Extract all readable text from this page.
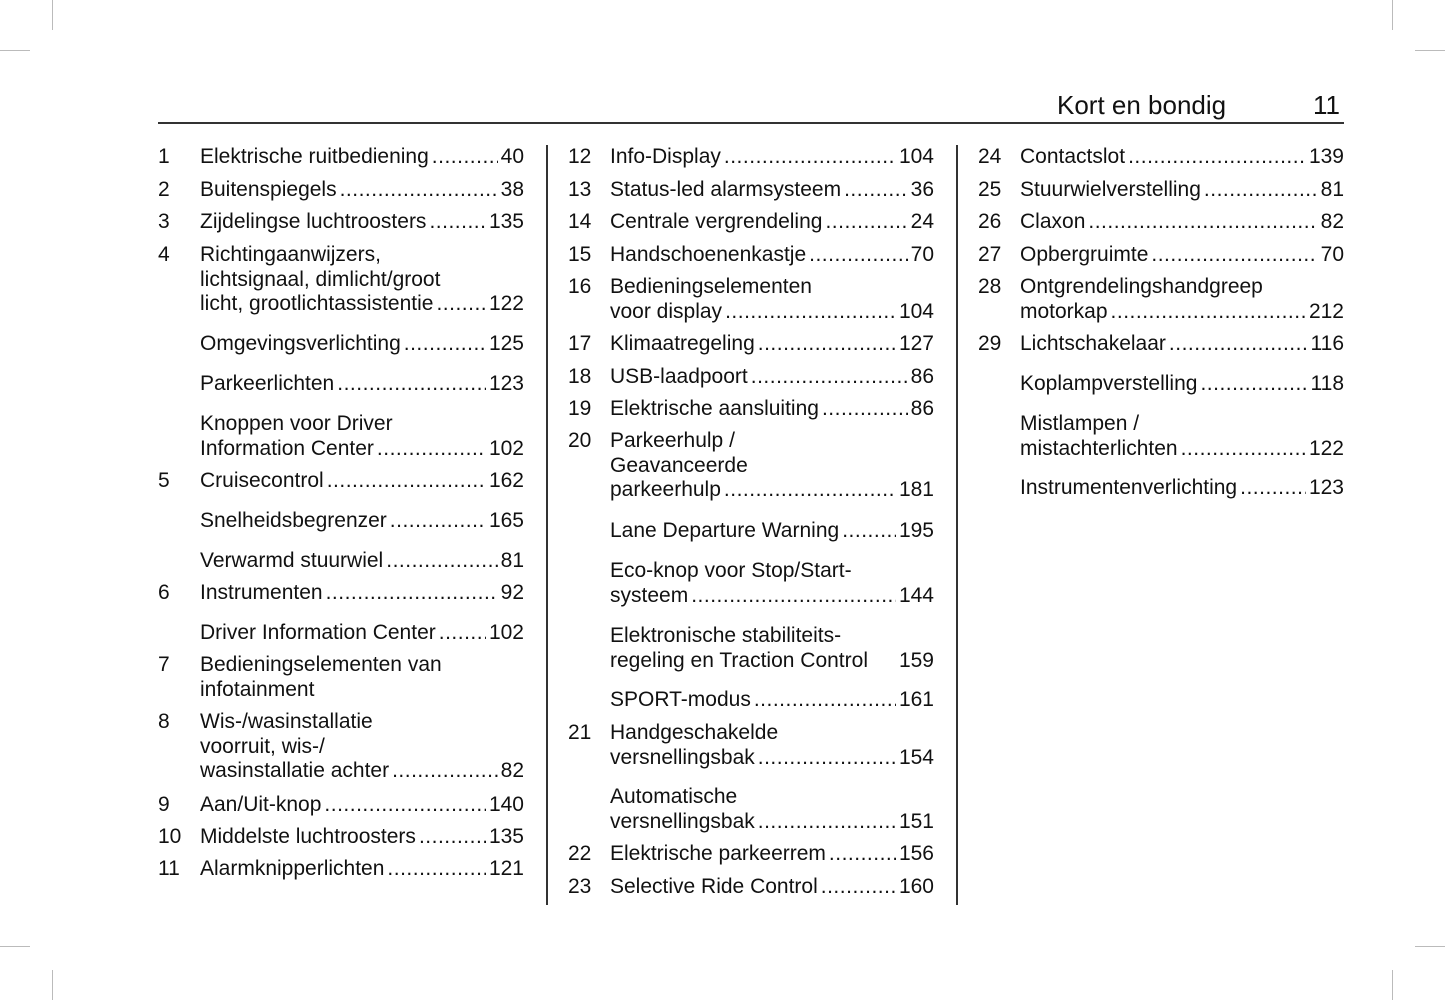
Kort en bondig	11
1 Elektrische ruitbediening .....	40
2 Buitenspiegels .....	38
3 Zijdelingse luchtroosters .....	135
4 Richtingaanwijzers,
lichtsignaal, dimlicht/groot
licht, grootlichtassistentie .....	122
Omgevingsverlichting .....	125
Parkeerlichten .....	123
Knoppen voor Driver
Information Center .....	102
5 Cruisecontrol .....	162
Snelheidsbegrenzer .....	165
Verwarmd stuurwiel .....	81
6 Instrumenten .....	92
Driver Information Center .....	102
7 Bedieningselementen van
infotainment
8 Wis-/wasinstallatie
voorruit, wis-/
wasinstallatie achter .....	82
9 Aan/Uit-knop .....	140
10 Middelste luchtroosters .....	135
11 Alarmknipperlichten .....	121
12 Info-Display .....	104
13 Status-led alarmsysteem .....	36
14 Centrale vergrendeling .....	24
15 Handschoenenkastje .....	70
16 Bedieningselementen
voor display .....	104
17 Klimaatregeling .....	127
18 USB-laadpoort .....	86
19 Elektrische aansluiting .....	86
20 Parkeerhulp /
Geavanceerde
parkeerhulp .....	181
Lane Departure Warning .....	195
Eco-knop voor Stop/Start-
systeem .....	144
Elektronische stabiliteits-
regeling en Traction Control 159
SPORT-modus .....	161
21 Handgeschakelde
versnellingsbak .....	154
Automatische
versnellingsbak .....	151
22 Elektrische parkeerrem .....	156
23 Selective Ride Control .....	160
24 Contactslot .....	139
25 Stuurwielverstelling .....	81
26 Claxon .....	82
27 Opbergruimte .....	70
28 Ontgrendelingshandgreep
motorkap .....	212
29 Lichtschakelaar .....	116
Koplampverstelling .....	118
Mistlampen /
mistachterlichten .....	122
Instrumentenverlichting .....	123
